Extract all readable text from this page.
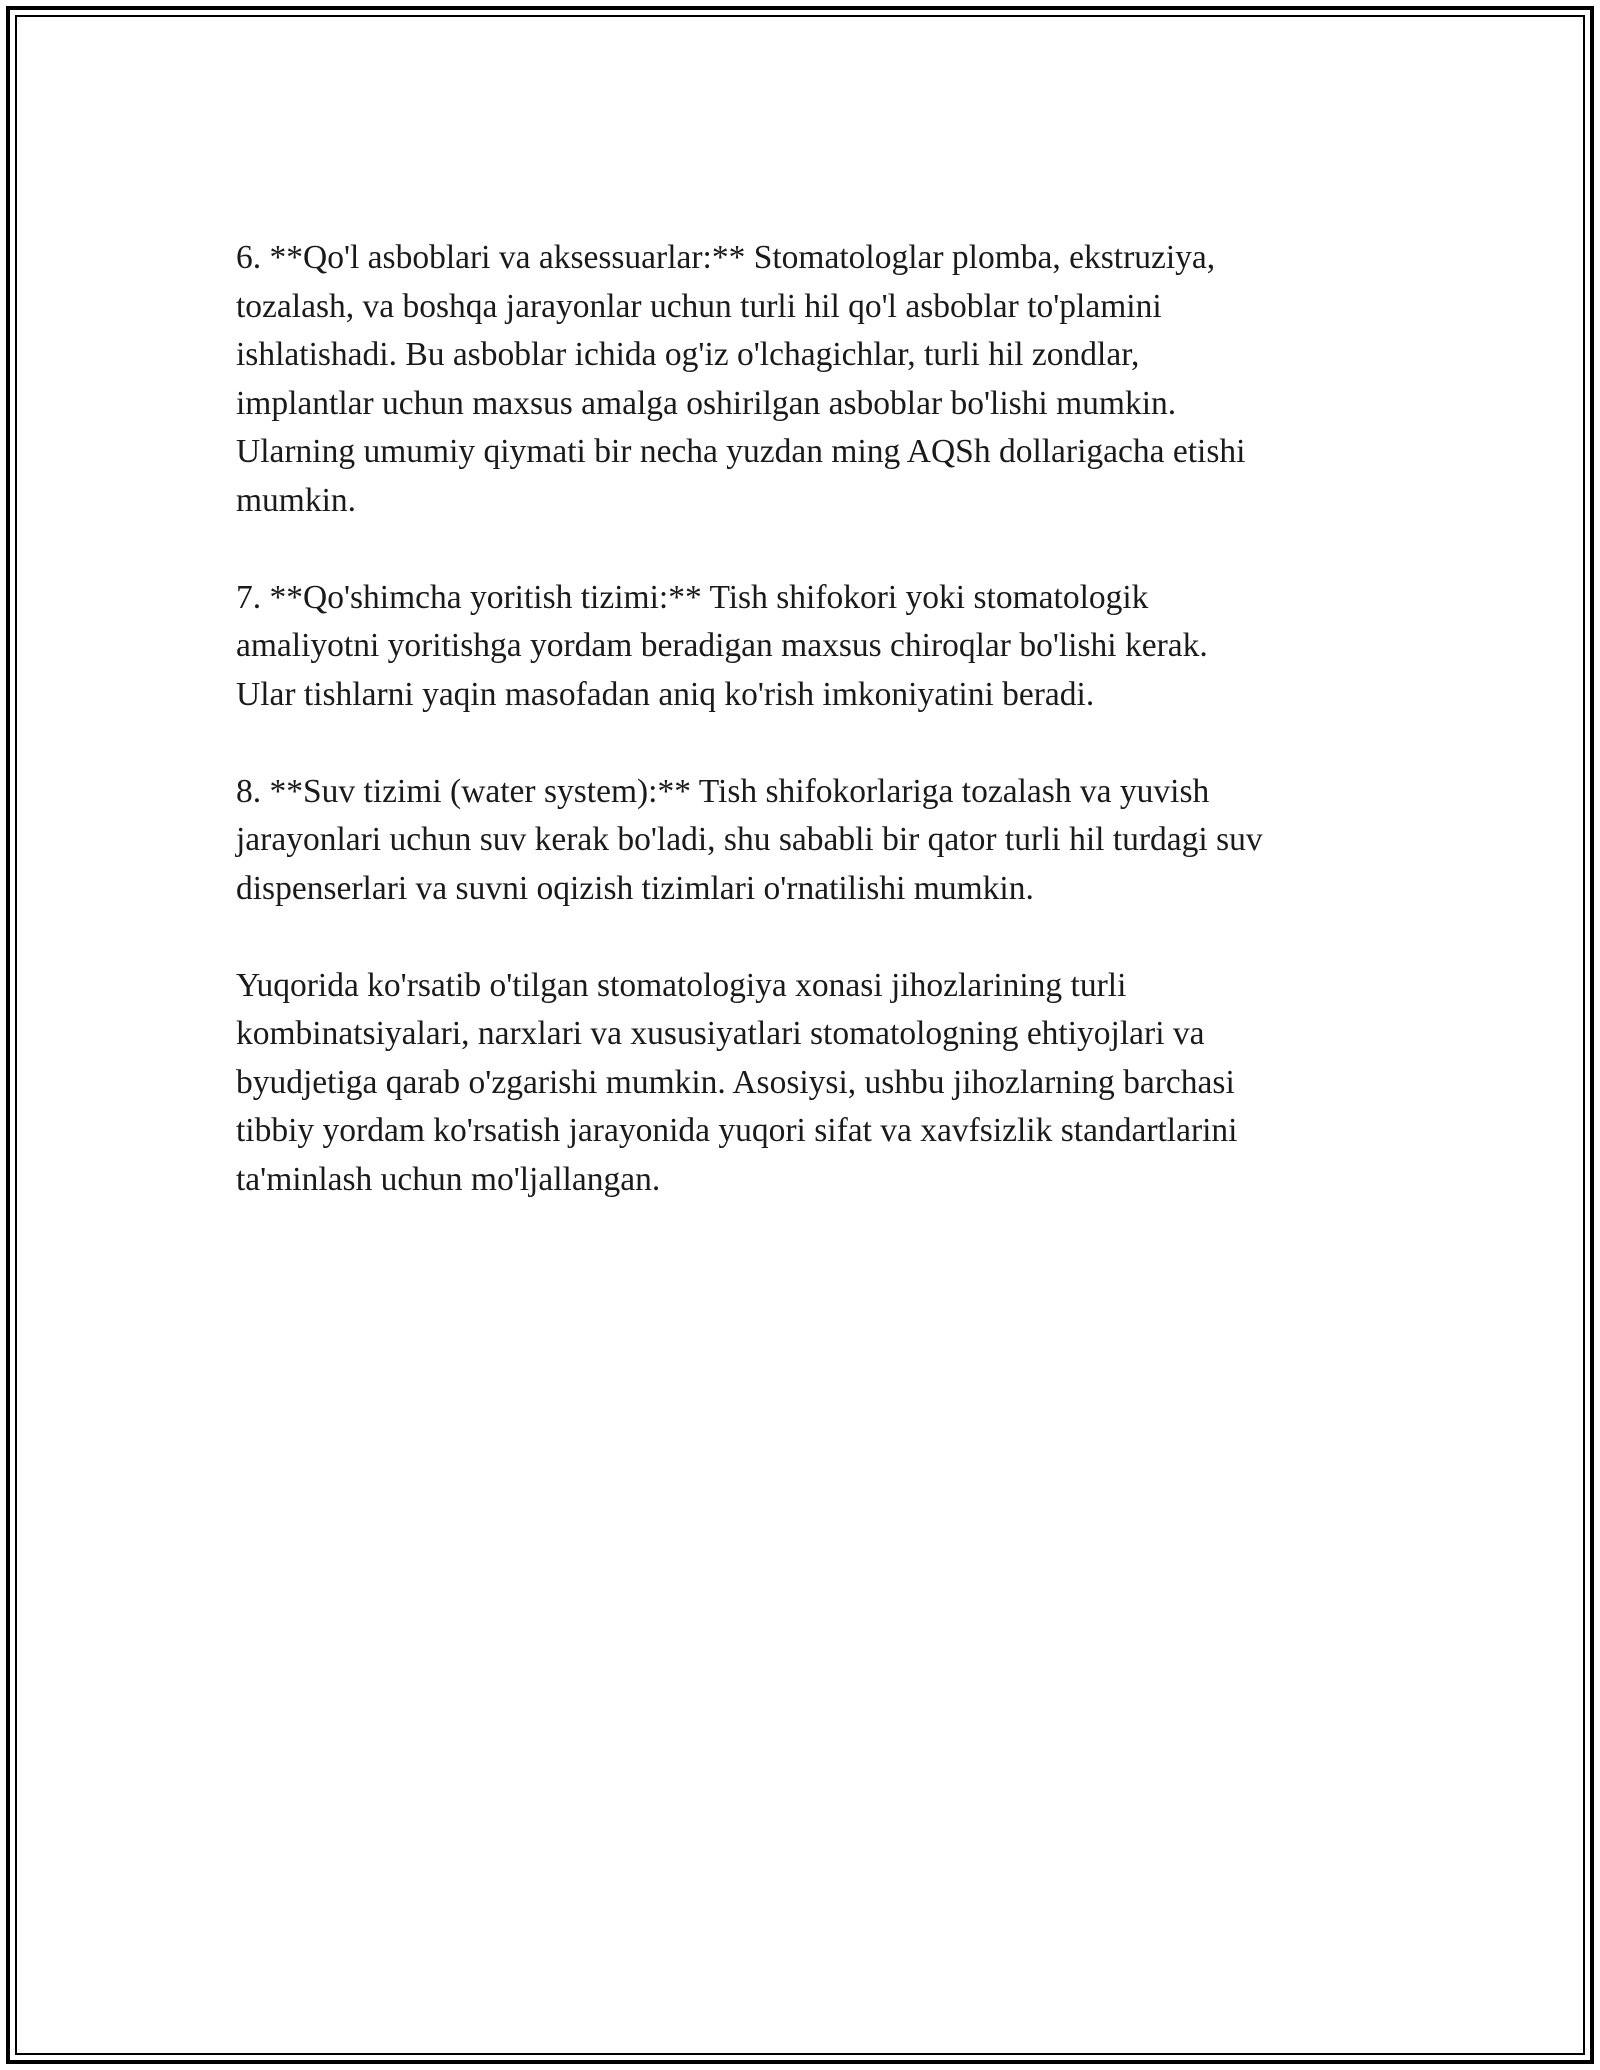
6. **Qo'l asboblari va aksessuarlar:** Stomatologlar plomba, ekstruziya,
tozalash, va boshqa jarayonlar uchun turli hil qo'l asboblar to'plamini
ishlatishadi. Bu asboblar ichida og'iz o'lchagichlar, turli hil zondlar,
implantlar uchun maxsus amalga oshirilgan asboblar bo'lishi mumkin.
Ularning umumiy qiymati bir necha yuzdan ming AQSh dollarigacha etishi
mumkin.

7. **Qo'shimcha yoritish tizimi:** Tish shifokori yoki stomatologik
amaliyotni yoritishga yordam beradigan maxsus chiroqlar bo'lishi kerak.
Ular tishlarni yaqin masofadan aniq ko'rish imkoniyatini beradi.

8. **Suv tizimi (water system):** Tish shifokorlariga tozalash va yuvish
jarayonlari uchun suv kerak bo'ladi, shu sababli bir qator turli hil turdagi suv
dispenserlari va suvni oqizish tizimlari o'rnatilishi mumkin.

Yuqorida ko'rsatib o'tilgan stomatologiya xonasi jihozlarining turli
kombinatsiyalari, narxlari va xususiyatlari stomatologning ehtiyojlari va
byudjetiga qarab o'zgarishi mumkin. Asosiysi, ushbu jihozlarning barchasi
tibbiy yordam ko'rsatish jarayonida yuqori sifat va xavfsizlik standartlarini
ta'minlash uchun mo'ljallangan.
